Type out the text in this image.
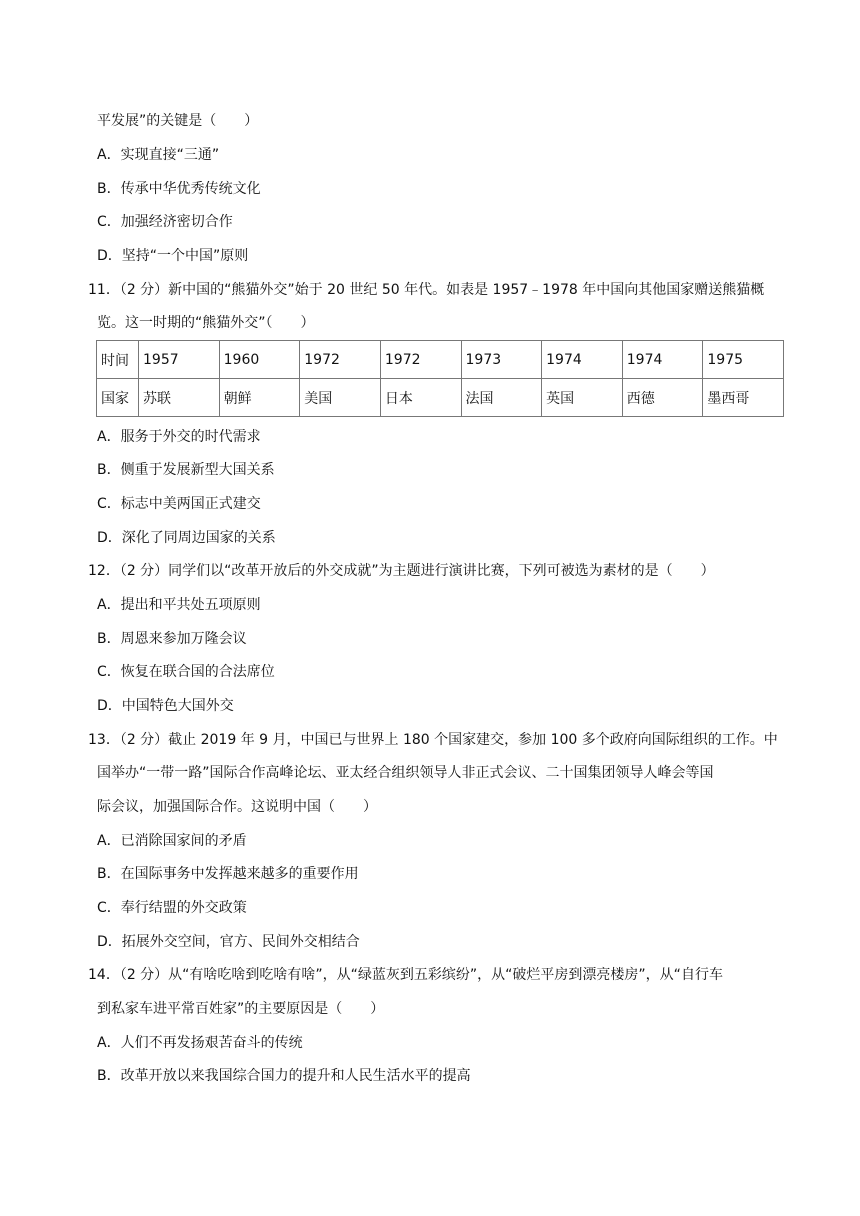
平发展”的关键是（　　）
A．实现直接“三通”
B．传承中华优秀传统文化
C．加强经济密切合作
D．坚持“一个中国”原则
11．（2 分）新中国的“熊猫外交”始于 20 世纪 50 年代。如表是 1957﹣1978 年中国向其他国家赠送熊猫概
览。这一时期的“熊猫外交”（　　）
时间	1957	1960	1972	1972	1973	1974	1974	1975
国家	苏联	朝鲜	美国	日本	法国	英国	西德	墨西哥
A．服务于外交的时代需求
B．侧重于发展新型大国关系
C．标志中美两国正式建交
D．深化了同周边国家的关系
12．（2 分）同学们以“改革开放后的外交成就”为主题进行演讲比赛，下列可被选为素材的是（　　）
A．提出和平共处五项原则
B．周恩来参加万隆会议
C．恢复在联合国的合法席位
D．中国特色大国外交
13．（2 分）截止 2019 年 9 月，中国已与世界上 180 个国家建交，参加 100 多个政府向国际组织的工作。中
国举办“一带一路”国际合作高峰论坛、亚太经合组织领导人非正式会议、二十国集团领导人峰会等国
际会议，加强国际合作。这说明中国（　　）
A．已消除国家间的矛盾
B．在国际事务中发挥越来越多的重要作用
C．奉行结盟的外交政策
D．拓展外交空间，官方、民间外交相结合
14．（2 分）从“有啥吃啥到吃啥有啥”，从“绿蓝灰到五彩缤纷”，从“破烂平房到漂亮楼房”，从“自行车
到私家车进平常百姓家”的主要原因是（　　）
A．人们不再发扬艰苦奋斗的传统
B．改革开放以来我国综合国力的提升和人民生活水平的提高
